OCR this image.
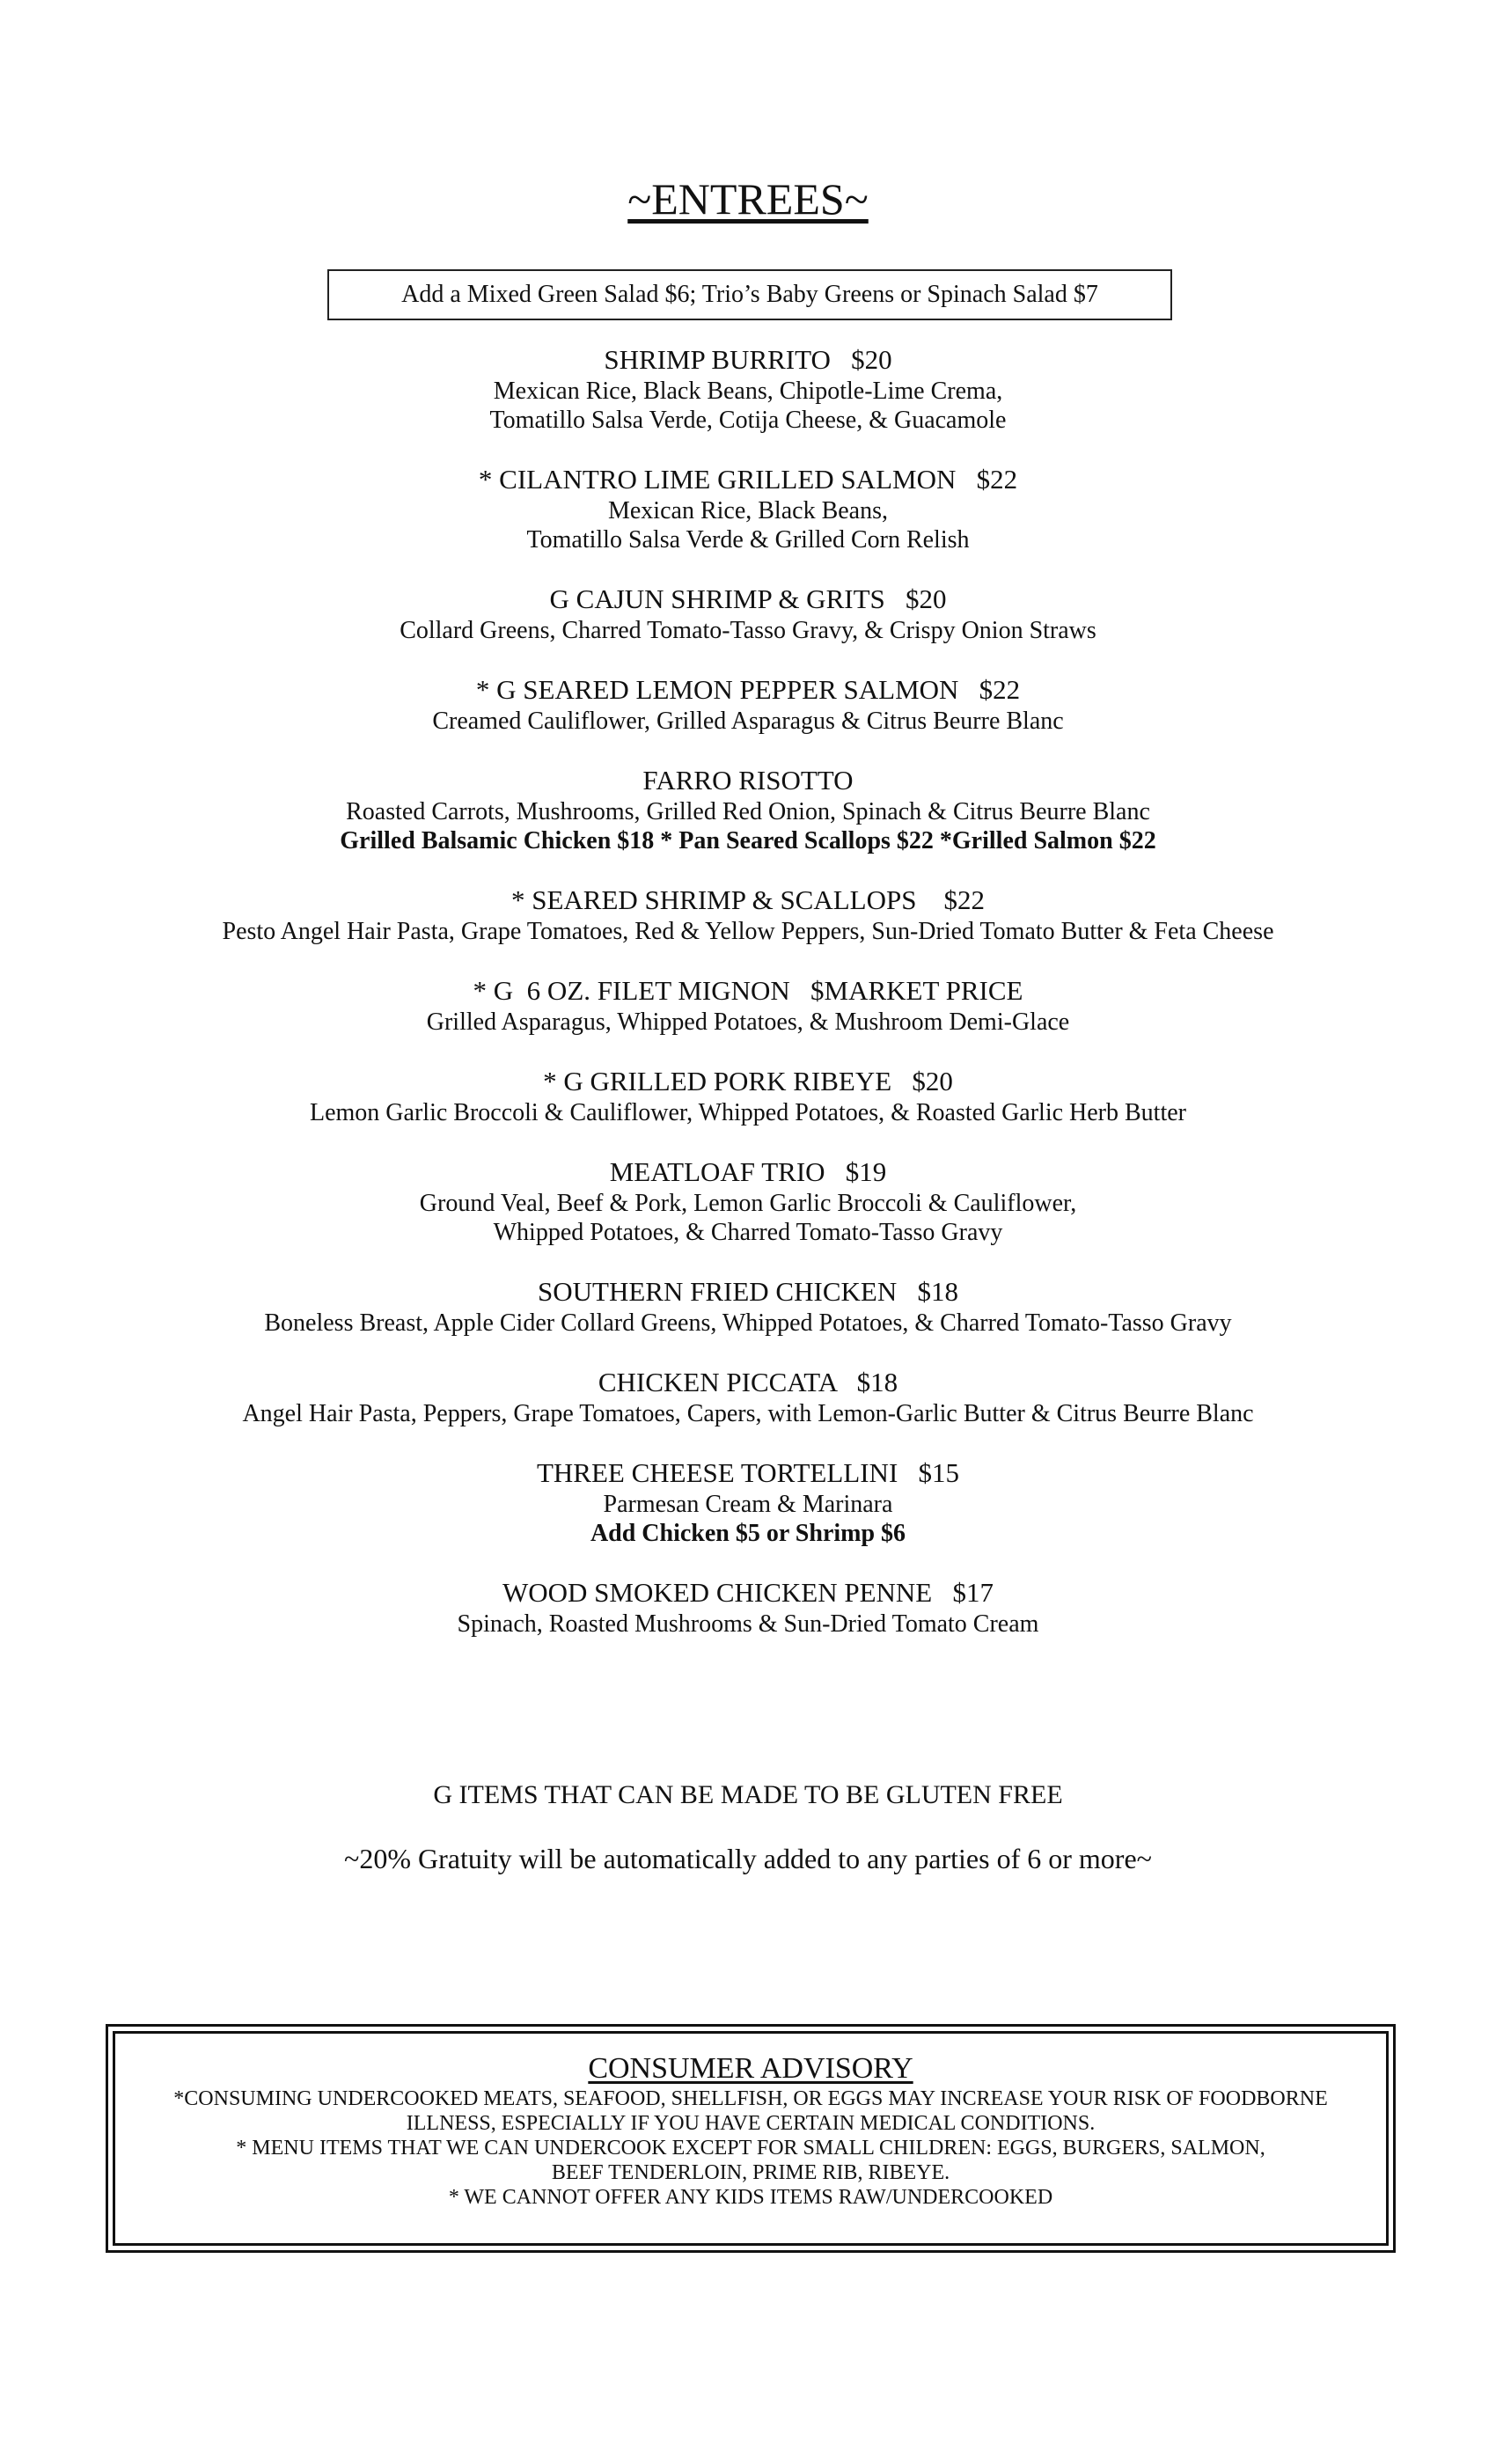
~ENTREES~
Add a Mixed Green Salad $6; Trio’s Baby Greens or Spinach Salad $7
SHRIMP BURRITO   $20
Mexican Rice, Black Beans, Chipotle-Lime Crema,
Tomatillo Salsa Verde, Cotija Cheese, & Guacamole
* CILANTRO LIME GRILLED SALMON   $22
Mexican Rice, Black Beans,
Tomatillo Salsa Verde & Grilled Corn Relish
G CAJUN SHRIMP & GRITS   $20
Collard Greens, Charred Tomato-Tasso Gravy, & Crispy Onion Straws
* G SEARED LEMON PEPPER SALMON   $22
Creamed Cauliflower, Grilled Asparagus & Citrus Beurre Blanc
FARRO RISOTTO
Roasted Carrots, Mushrooms, Grilled Red Onion, Spinach & Citrus Beurre Blanc
Grilled Balsamic Chicken $18 * Pan Seared Scallops $22 *Grilled Salmon $22
* SEARED SHRIMP & SCALLOPS    $22
Pesto Angel Hair Pasta, Grape Tomatoes, Red & Yellow Peppers, Sun-Dried Tomato Butter & Feta Cheese
* G  6 OZ. FILET MIGNON   $MARKET PRICE
Grilled Asparagus, Whipped Potatoes, & Mushroom Demi-Glace
* G GRILLED PORK RIBEYE   $20
Lemon Garlic Broccoli & Cauliflower, Whipped Potatoes, & Roasted Garlic Herb Butter
MEATLOAF TRIO   $19
Ground Veal, Beef & Pork, Lemon Garlic Broccoli & Cauliflower,
Whipped Potatoes, & Charred Tomato-Tasso Gravy
SOUTHERN FRIED CHICKEN   $18
Boneless Breast, Apple Cider Collard Greens, Whipped Potatoes, & Charred Tomato-Tasso Gravy
CHICKEN PICCATA   $18
Angel Hair Pasta, Peppers, Grape Tomatoes, Capers, with Lemon-Garlic Butter & Citrus Beurre Blanc
THREE CHEESE TORTELLINI   $15
Parmesan Cream & Marinara
Add Chicken $5 or Shrimp $6
WOOD SMOKED CHICKEN PENNE   $17
Spinach, Roasted Mushrooms & Sun-Dried Tomato Cream
G ITEMS THAT CAN BE MADE TO BE GLUTEN FREE
~20% Gratuity will be automatically added to any parties of 6 or more~
CONSUMER ADVISORY
*CONSUMING UNDERCOOKED MEATS, SEAFOOD, SHELLFISH, OR EGGS MAY INCREASE YOUR RISK OF FOODBORNE
ILLNESS, ESPECIALLY IF YOU HAVE CERTAIN MEDICAL CONDITIONS.
* MENU ITEMS THAT WE CAN UNDERCOOK EXCEPT FOR SMALL CHILDREN: EGGS, BURGERS, SALMON,
BEEF TENDERLOIN, PRIME RIB, RIBEYE.
* WE CANNOT OFFER ANY KIDS ITEMS RAW/UNDERCOOKED
